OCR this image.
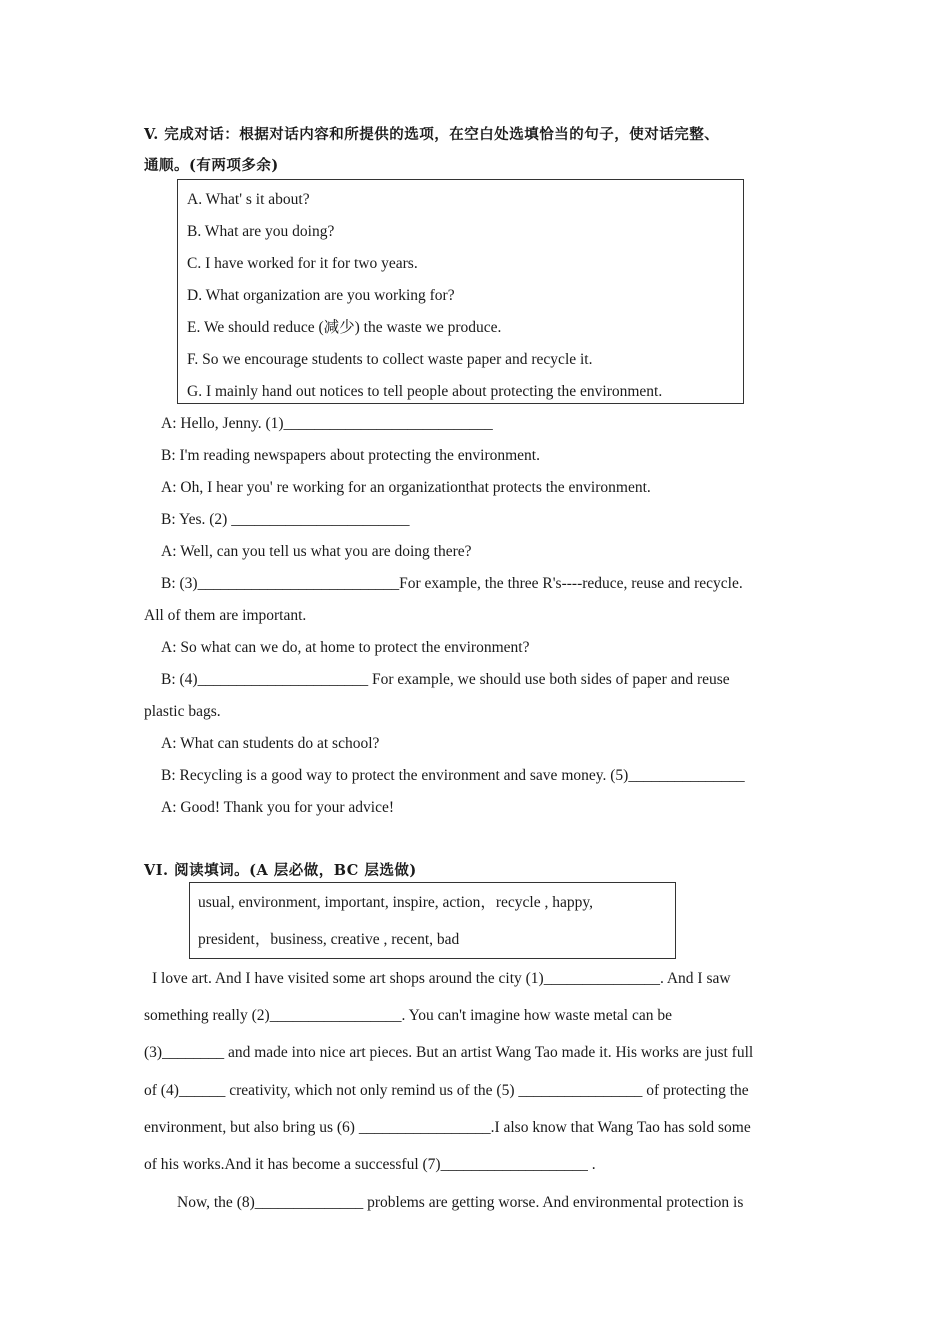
V. 完成对话：根据对话内容和所提供的选项，在空白处选填恰当的句子，使对话完整、
通顺。(有两项多余)
A. What' s it about?
B. What are you doing?
C. I have worked for it for two years.
D. What organization are you working for?
E. We should reduce (减少) the waste we produce.
F. So we encourage students to collect waste paper and recycle it.
G. I mainly hand out notices to tell people about protecting the environment.
A: Hello, Jenny. (1)___________________________
B: I'm reading newspapers about protecting the environment.
A: Oh, I hear you' re working for an organizationthat protects the environment.
B: Yes. (2) _______________________
A: Well, can you tell us what you are doing there?
B: (3)__________________________For example, the three R's----reduce, reuse and recycle.
All of them are important.
A: So what can we do, at home to protect the environment?
B: (4)______________________ For example, we should use both sides of paper and reuse
plastic bags.
A: What can students do at school?
B: Recycling is a good way to protect the environment and save money. (5)_______________
A: Good! Thank you for your advice!
VI. 阅读填词。(A 层必做，BC 层选做)
usual, environment, important, inspire, action，recycle , happy,
president，business, creative , recent, bad
I love art. And I have visited some art shops around the city (1)_______________. And I saw
something really (2)_________________. You can't imagine how waste metal can be
(3)________ and made into nice art pieces. But an artist Wang Tao made it. His works are just full
of (4)______ creativity, which not only remind us of the (5) ________________ of protecting the
environment, but also bring us (6) _________________.I also know that Wang Tao has sold some
of his works.And it has become a successful (7)___________________ .
Now, the (8)______________ problems are getting worse. And environmental protection is
